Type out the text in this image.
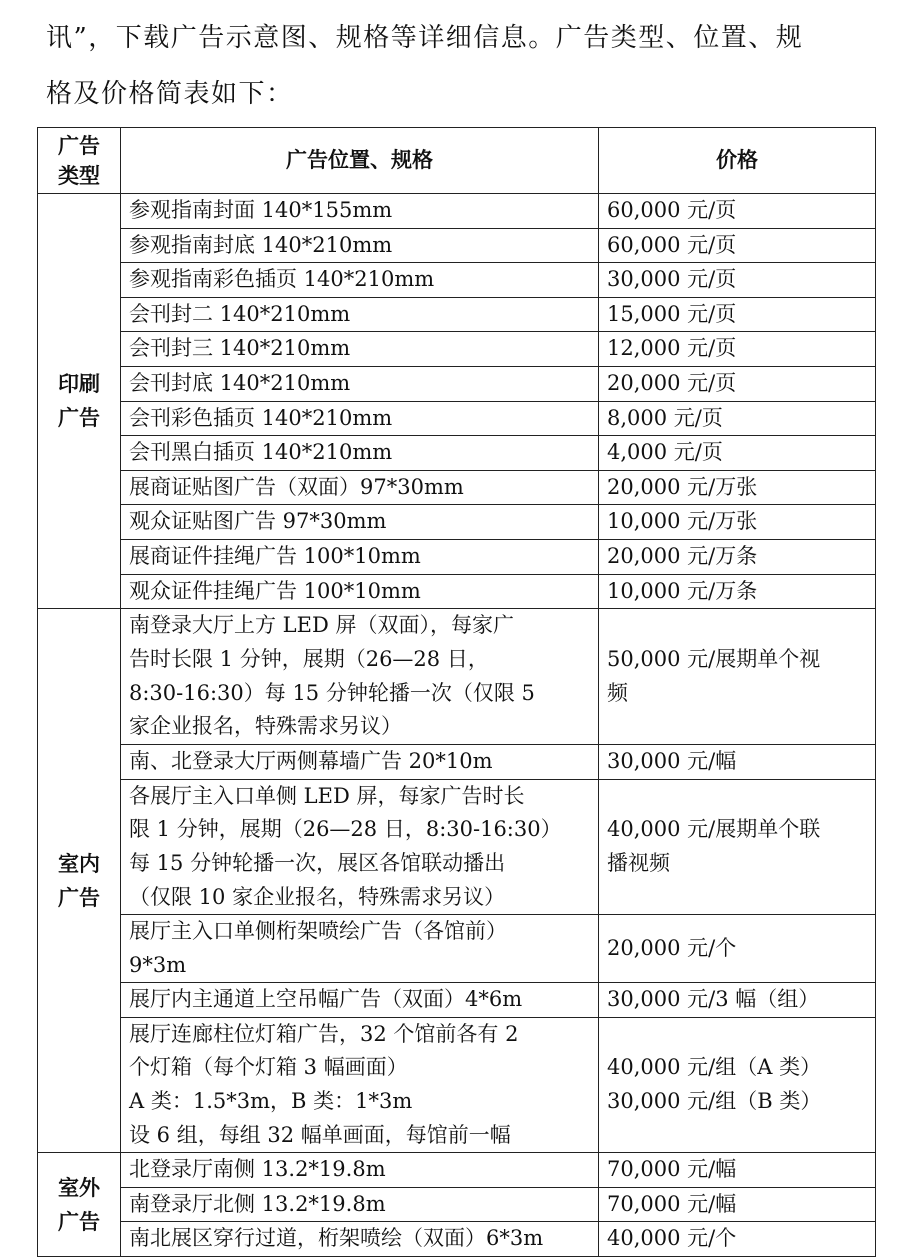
讯”，下载广告示意图、规格等详细信息。广告类型、位置、规
格及价格简表如下：
广告
类型	广告位置、规格	价格

印刷
广告	参观指南封面 140*155mm	60,000 元/页
	参观指南封底 140*210mm	60,000 元/页
	参观指南彩色插页 140*210mm	30,000 元/页
	会刊封二 140*210mm	15,000 元/页
	会刊封三 140*210mm	12,000 元/页
	会刊封底 140*210mm	20,000 元/页
	会刊彩色插页 140*210mm	8,000 元/页
	会刊黑白插页 140*210mm	4,000 元/页
	展商证贴图广告（双面）97*30mm	20,000 元/万张
	观众证贴图广告 97*30mm	10,000 元/万张
	展商证件挂绳广告 100*10mm	20,000 元/万条
	观众证件挂绳广告 100*10mm	10,000 元/万条

室内
广告	南登录大厅上方 LED 屏（双面），每家广
告时长限 1 分钟，展期（26—28 日，
8:30-16:30）每 15 分钟轮播一次（仅限 5
家企业报名，特殊需求另议）	50,000 元/展期单个视
频

	南、北登录大厅两侧幕墙广告 20*10m	30,000 元/幅

	各展厅主入口单侧 LED 屏，每家广告时长
限 1 分钟，展期（26—28 日，8:30-16:30）
每 15 分钟轮播一次，展区各馆联动播出
（仅限 10 家企业报名，特殊需求另议）	40,000 元/展期单个联
播视频

	展厅主入口单侧桁架喷绘广告（各馆前）
9*3m	20,000 元/个
	展厅内主通道上空吊幅广告（双面）4*6m	30,000 元/3 幅（组）

	展厅连廊柱位灯箱广告，32 个馆前各有 2
个灯箱（每个灯箱 3 幅画面）
A 类：1.5*3m，B 类：1*3m
设 6 组，每组 32 幅单画面，每馆前一幅	40,000 元/组（A 类）
30,000 元/组（B 类）

室外
广告	北登录厅南侧 13.2*19.8m	70,000 元/幅
	南登录厅北侧 13.2*19.8m	70,000 元/幅
	南北展区穿行过道，桁架喷绘（双面）6*3m	40,000 元/个
